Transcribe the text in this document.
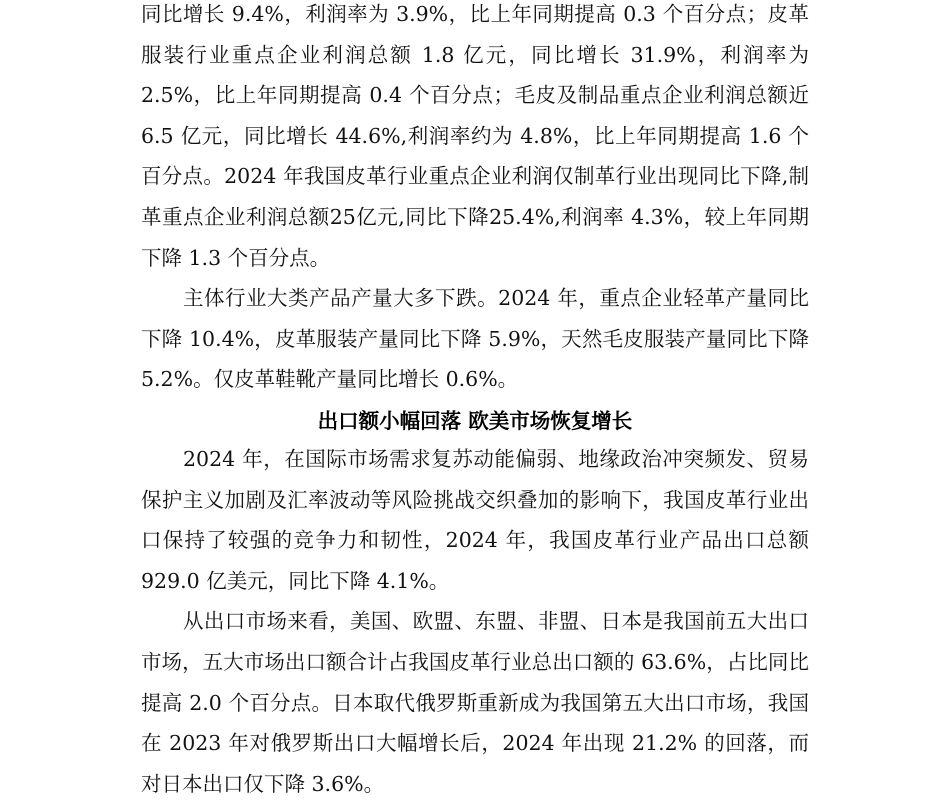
同比增长 9.4%，利润率为 3.9%，比上年同期提高 0.3 个百分点；皮革服装行业重点企业利润总额 1.8 亿元，同比增长 31.9%，利润率为 2.5%，比上年同期提高 0.4 个百分点；毛皮及制品重点企业利润总额近 6.5 亿元，同比增长 44.6%,利润率约为 4.8%，比上年同期提高 1.6 个百分点。2024 年我国皮革行业重点企业利润仅制革行业出现同比下降,制革重点企业利润总额25亿元,同比下降25.4%,利润率 4.3%，较上年同期下降 1.3 个百分点。

主体行业大类产品产量大多下跌。2024 年，重点企业轻革产量同比下降 10.4%，皮革服装产量同比下降 5.9%，天然毛皮服装产量同比下降 5.2%。仅皮革鞋靴产量同比增长 0.6%。

出口额小幅回落 欧美市场恢复增长

2024 年，在国际市场需求复苏动能偏弱、地缘政治冲突频发、贸易保护主义加剧及汇率波动等风险挑战交织叠加的影响下，我国皮革行业出口保持了较强的竞争力和韧性，2024 年，我国皮革行业产品出口总额 929.0 亿美元，同比下降 4.1%。

从出口市场来看，美国、欧盟、东盟、非盟、日本是我国前五大出口市场，五大市场出口额合计占我国皮革行业总出口额的 63.6%，占比同比提高 2.0 个百分点。日本取代俄罗斯重新成为我国第五大出口市场，我国在 2023 年对俄罗斯出口大幅增长后，2024 年出现 21.2% 的回落，而对日本出口仅下降 3.6%。
